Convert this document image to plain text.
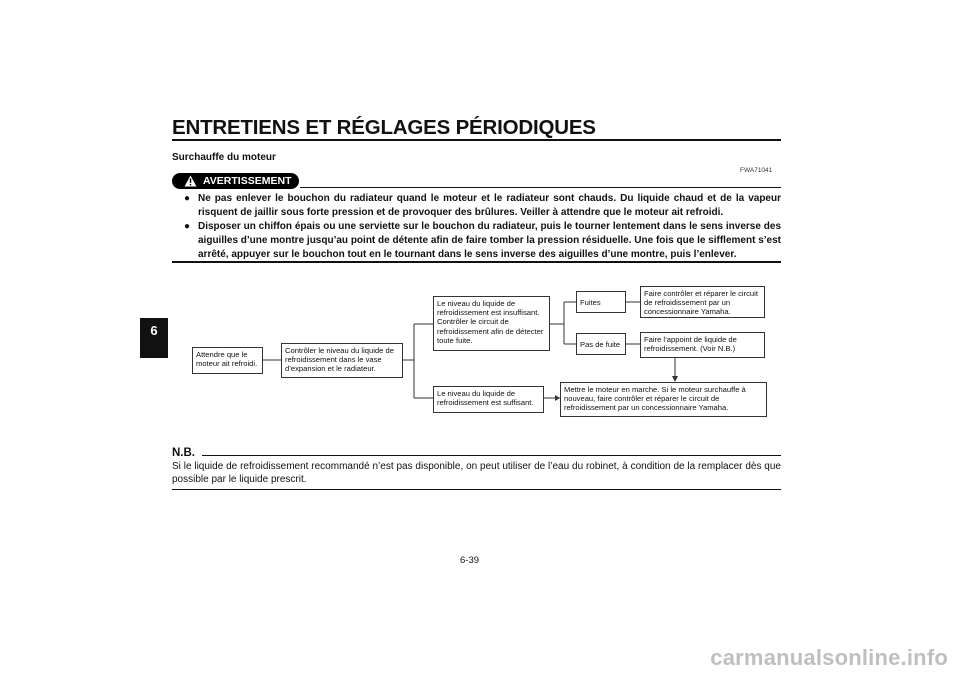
ENTRETIENS ET RÉGLAGES PÉRIODIQUES
6
Surchauffe du moteur
FWA71041
AVERTISSEMENT
● Ne pas enlever le bouchon du radiateur quand le moteur et le radiateur sont chauds. Du liquide chaud et de la vapeur risquent de jaillir sous forte pression et de provoquer des brûlures. Veiller à attendre que le moteur ait refroidi.
● Disposer un chiffon épais ou une serviette sur le bouchon du radiateur, puis le tourner lentement dans le sens inverse des aiguilles d’une montre jusqu’au point de détente afin de faire tomber la pression résiduelle. Une fois que le sifflement s’est arrêté, appuyer sur le bouchon tout en le tournant dans le sens inverse des aiguilles d’une montre, puis l’enlever.
Attendre que le moteur ait refroidi.
Contrôler le niveau du liquide de refroidissement dans le vase d’expansion et le radiateur.
Le niveau du liquide de refroidissement est insuffisant. Contrôler le circuit de refroidissement afin de détecter toute fuite.
Le niveau du liquide de refroidissement est suffisant.
Fuites
Pas de fuite
Faire contrôler et réparer le circuit de refroidissement par un concessionnaire Yamaha.
Faire l’appoint de liquide de refroidissement. (Voir N.B.)
Mettre le moteur en marche. Si le moteur surchauffe à nouveau, faire contrôler et réparer le circuit de refroidissement par un concessionnaire Yamaha.
N.B.
Si le liquide de refroidissement recommandé n’est pas disponible, on peut utiliser de l’eau du robinet, à condition de la remplacer dès que possible par le liquide prescrit.
6-39
carmanualsonline.info
